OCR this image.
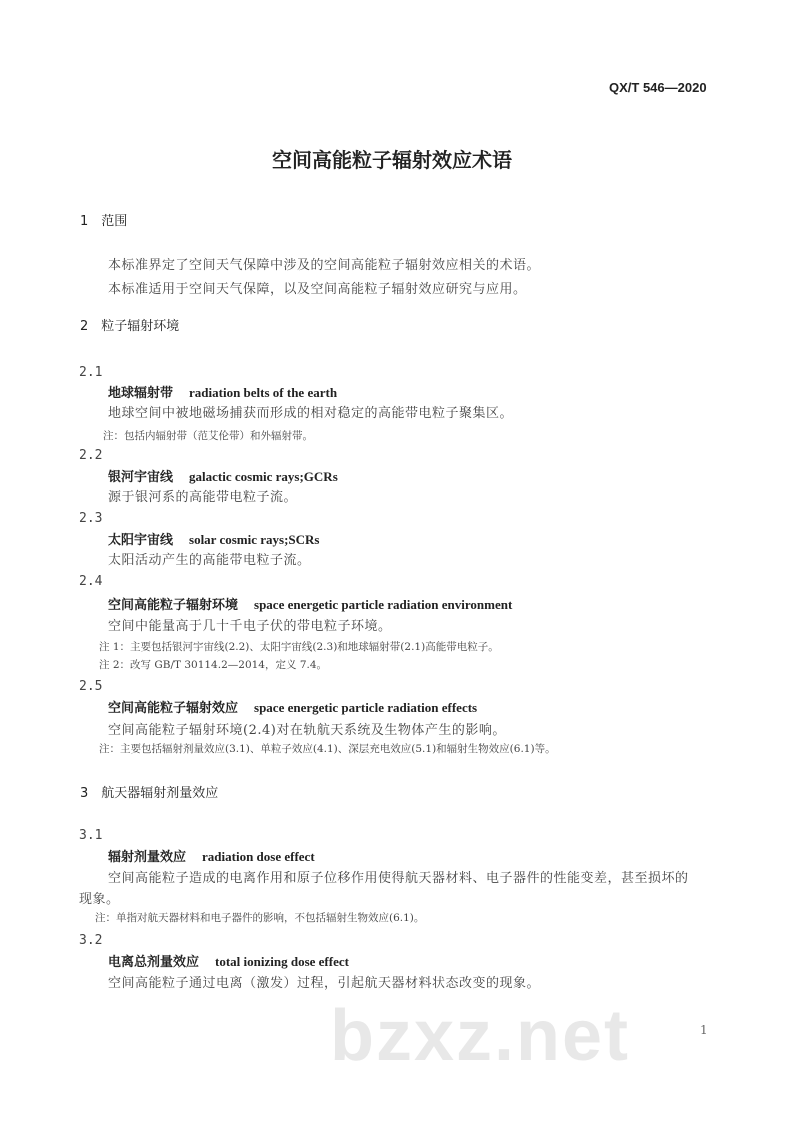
bzxz.net
QX/T 546—2020
空间高能粒子辐射效应术语
1　范围
本标准界定了空间天气保障中涉及的空间高能粒子辐射效应相关的术语。
本标准适用于空间天气保障，以及空间高能粒子辐射效应研究与应用。
2　粒子辐射环境
2.1
地球辐射带 radiation belts of the earth
地球空间中被地磁场捕获而形成的相对稳定的高能带电粒子聚集区。
注：包括内辐射带（范艾伦带）和外辐射带。
2.2
银河宇宙线 galactic cosmic rays;GCRs
源于银河系的高能带电粒子流。
2.3
太阳宇宙线 solar cosmic rays;SCRs
太阳活动产生的高能带电粒子流。
2.4
空间高能粒子辐射环境 space energetic particle radiation environment
空间中能量高于几十千电子伏的带电粒子环境。
注 1：主要包括银河宇宙线(2.2)、太阳宇宙线(2.3)和地球辐射带(2.1)高能带电粒子。
注 2：改写 GB/T 30114.2—2014，定义 7.4。
2.5
空间高能粒子辐射效应 space energetic particle radiation effects
空间高能粒子辐射环境(2.4)对在轨航天系统及生物体产生的影响。
注：主要包括辐射剂量效应(3.1)、单粒子效应(4.1)、深层充电效应(5.1)和辐射生物效应(6.1)等。
3　航天器辐射剂量效应
3.1
辐射剂量效应 radiation dose effect
空间高能粒子造成的电离作用和原子位移作用使得航天器材料、电子器件的性能变差，甚至损坏的
现象。
注：单指对航天器材料和电子器件的影响，不包括辐射生物效应(6.1)。
3.2
电离总剂量效应 total ionizing dose effect
空间高能粒子通过电离（激发）过程，引起航天器材料状态改变的现象。
1
